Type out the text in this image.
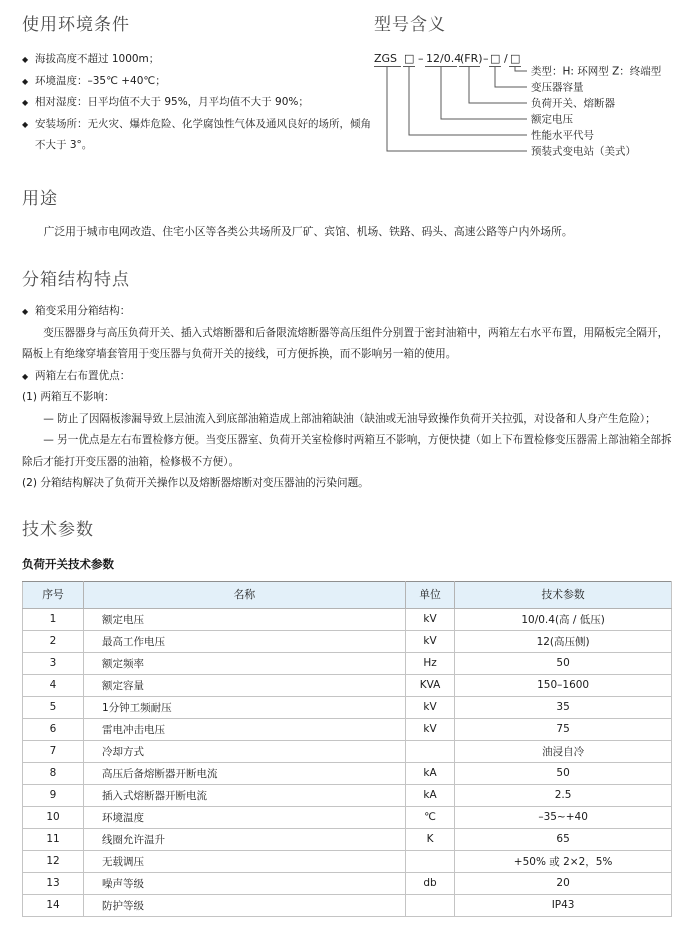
使用环境条件
◆ 海拔高度不超过 1000m；
◆ 环境温度：–35℃ +40℃；
◆ 相对湿度：日平均值不大于 95%，月平均值不大于 90%；
◆ 安装场所：无火灾、爆炸危险、化学腐蚀性气体及通风良好的场所，倾角不大于 3°。
型号含义
ZGS □ – 12/0.4
(FR) – □ / □
类型：H: 环网型 Z：终端型
变压器容量
负荷开关、熔断器
额定电压
性能水平代号
预装式变电站（美式）
用途

广泛用于城市电网改造、住宅小区等各类公共场所及厂矿、宾馆、机场、铁路、码头、高速公路等户内外场所。

分箱结构特点
◆ 箱变采用分箱结构：

变压器器身与高压负荷开关、插入式熔断器和后备限流熔断器等高压组件分别置于密封油箱中，两箱左右水平布置，用隔板完全隔开，隔板上有绝缘穿墙套管用于变压器与负荷开关的接线，可方便拆换，而不影响另一箱的使用。

◆ 两箱左右布置优点：

(1) 两箱互不影响：

— 防止了因隔板渗漏导致上层油流入到底部油箱造成上部油箱缺油（缺油或无油导致操作负荷开关拉弧，对设备和人身产生危险）；

— 另一优点是左右布置检修方便。当变压器室、负荷开关室检修时两箱互不影响，方便快捷（如上下布置检修变压器需上部油箱全部拆除后才能打开变压器的油箱，检修极不方便）。

(2) 分箱结构解决了负荷开关操作以及熔断器熔断对变压器油的污染问题。

技术参数
负荷开关技术参数
序号	名称	单位	技术参数
1	额定电压	kV	10/0.4(高 / 低压)
2	最高工作电压	kV	12(高压侧)
3	额定频率	Hz	50
4	额定容量	KVA	150–1600
5	1分钟工频耐压	kV	35
6	雷电冲击电压	kV	75
7	冷却方式		油浸自冷
8	高压后备熔断器开断电流	kA	50
9	插入式熔断器开断电流	kA	2.5
10	环境温度	℃	–35~+40
11	线圈允许温升	K	65
12	无载调压		+50% 或 2×2，5%
13	噪声等级	db	20
14	防护等级		IP43
